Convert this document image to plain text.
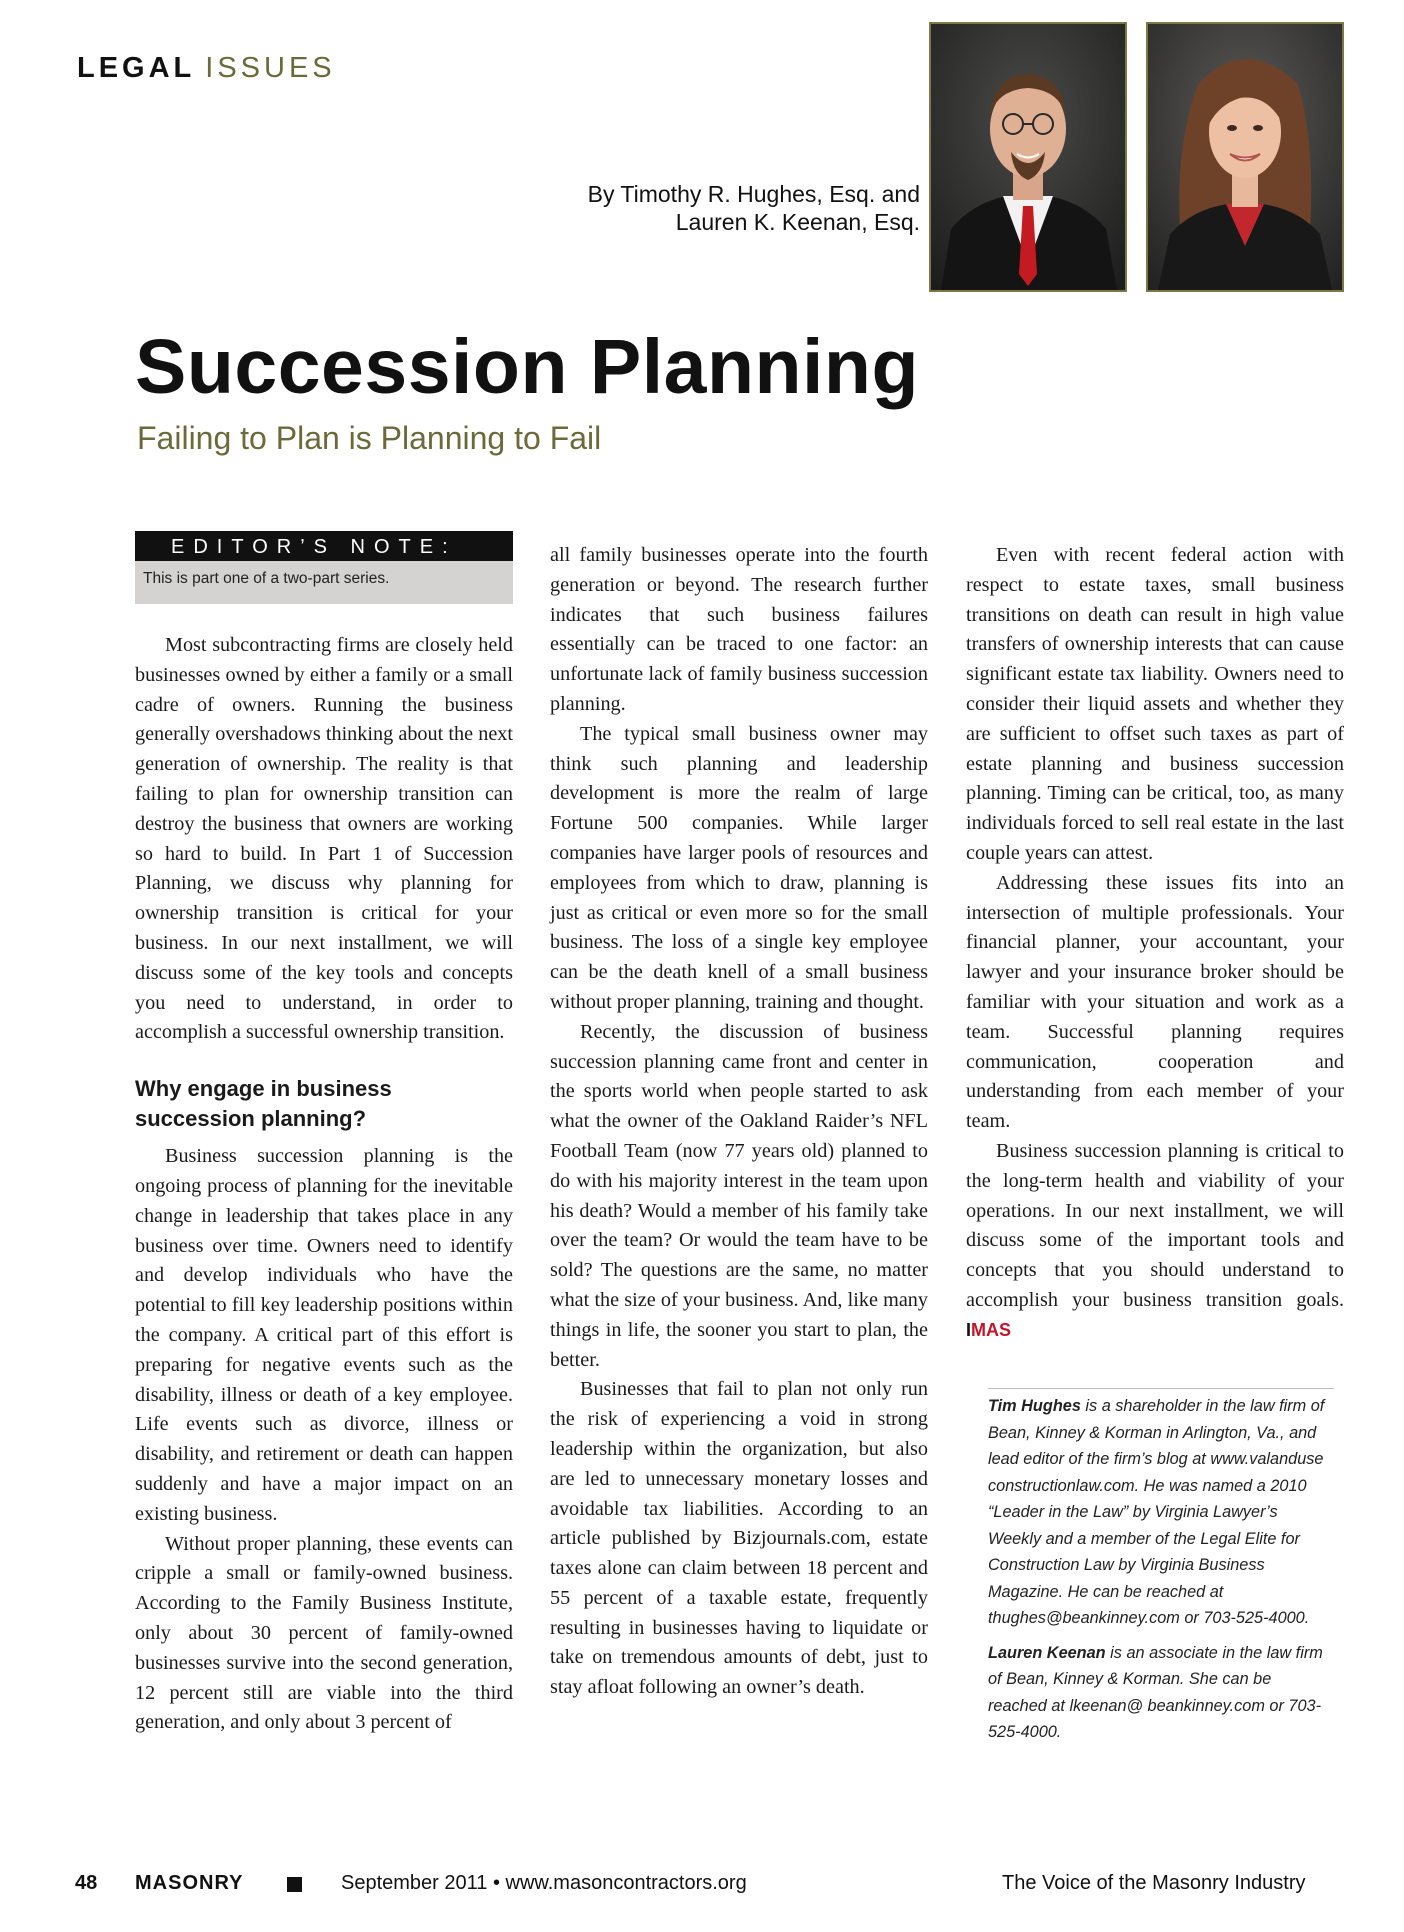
LEGAL ISSUES
By Timothy R. Hughes, Esq. and
Lauren K. Keenan, Esq.
Succession Planning
Failing to Plan is Planning to Fail
EDITOR’S NOTE:
This is part one of a two-part series.

Most subcontracting firms are closely held businesses owned by either a family or a small cadre of owners. Running the business generally overshadows thinking about the next generation of ownership. The reality is that failing to plan for ownership transition can destroy the business that owners are working so hard to build. In Part 1 of Succession Planning, we discuss why planning for ownership transition is critical for your business. In our next installment, we will discuss some of the key tools and concepts you need to understand, in order to accomplish a successful ownership transition.

Why engage in business succession planning?

Business succession planning is the ongoing process of planning for the inevitable change in leadership that takes place in any business over time. Owners need to identify and develop individuals who have the potential to fill key leadership positions within the company. A critical part of this effort is preparing for negative events such as the disability, illness or death of a key employee. Life events such as divorce, illness or disability, and retirement or death can happen suddenly and have a major impact on an existing business.

Without proper planning, these events can cripple a small or family-owned business. According to the Family Business Institute, only about 30 percent of family-owned businesses survive into the second generation, 12 percent still are viable into the third generation, and only about 3 percent of

all family businesses operate into the fourth generation or beyond. The research further indicates that such business failures essentially can be traced to one factor: an unfortunate lack of family business succession planning.

The typical small business owner may think such planning and leadership development is more the realm of large Fortune 500 companies. While larger companies have larger pools of resources and employees from which to draw, planning is just as critical or even more so for the small business. The loss of a single key employee can be the death knell of a small business without proper planning, training and thought.

Recently, the discussion of business succession planning came front and center in the sports world when people started to ask what the owner of the Oakland Raider’s NFL Football Team (now 77 years old) planned to do with his majority interest in the team upon his death? Would a member of his family take over the team? Or would the team have to be sold? The questions are the same, no matter what the size of your business. And, like many things in life, the sooner you start to plan, the better.

Businesses that fail to plan not only run the risk of experiencing a void in strong leadership within the organization, but also are led to unnecessary monetary losses and avoidable tax liabilities. According to an article published by Bizjournals.com, estate taxes alone can claim between 18 percent and 55 percent of a taxable estate, frequently resulting in businesses having to liquidate or take on tremendous amounts of debt, just to stay afloat following an owner’s death.

Even with recent federal action with respect to estate taxes, small business transitions on death can result in high value transfers of ownership interests that can cause significant estate tax liability. Owners need to consider their liquid assets and whether they are sufficient to offset such taxes as part of estate planning and business succession planning. Timing can be critical, too, as many individuals forced to sell real estate in the last couple years can attest.

Addressing these issues fits into an intersection of multiple professionals. Your financial planner, your accountant, your lawyer and your insurance broker should be familiar with your situation and work as a team. Successful planning requires communication, cooperation and understanding from each member of your team.

Business succession planning is critical to the long-term health and viability of your operations. In our next installment, we will discuss some of the important tools and concepts that you should understand to accomplish your business transition goals. IMAS

Tim Hughes is a shareholder in the law firm of Bean, Kinney & Korman in Arlington, Va., and lead editor of the firm’s blog at www.valanduse constructionlaw.com. He was named a 2010 “Leader in the Law” by Virginia Lawyer’s Weekly and a member of the Legal Elite for Construction Law by Virginia Business Magazine. He can be reached at thughes@beankinney.com or 703-525-4000.

Lauren Keenan is an associate in the law firm of Bean, Kinney & Korman. She can be reached at lkeenan@ beankinney.com or 703-525-4000.

48 MASONRY	September 2011 • www.masoncontractors.org	The Voice of the Masonry Industry
